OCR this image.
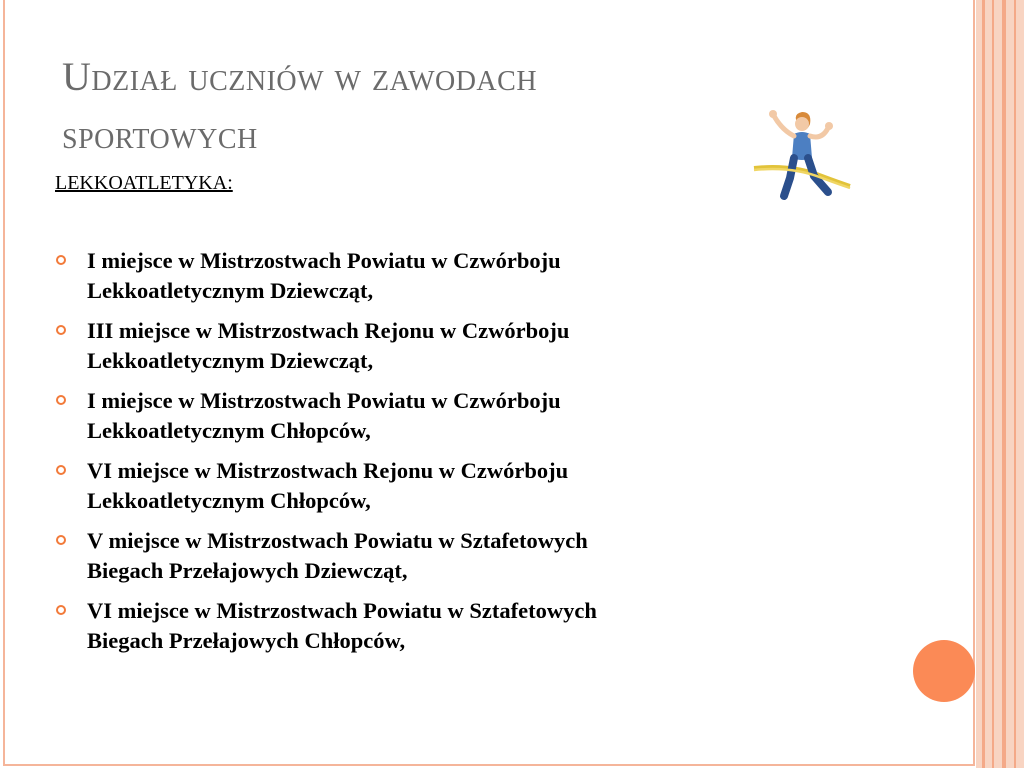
Udział uczniów w zawodach sportowych
LEKKOATLETYKA:
I miejsce w Mistrzostwach Powiatu w Czwórboju
Lekkoatletycznym Dziewcząt,
III miejsce w Mistrzostwach Rejonu w Czwórboju
Lekkoatletycznym Dziewcząt,
I miejsce w Mistrzostwach Powiatu w Czwórboju
Lekkoatletycznym Chłopców,
VI miejsce w Mistrzostwach Rejonu w Czwórboju
Lekkoatletycznym Chłopców,
V miejsce w Mistrzostwach Powiatu w Sztafetowych
Biegach Przełajowych Dziewcząt,
VI miejsce w Mistrzostwach Powiatu w Sztafetowych
Biegach Przełajowych Chłopców,
